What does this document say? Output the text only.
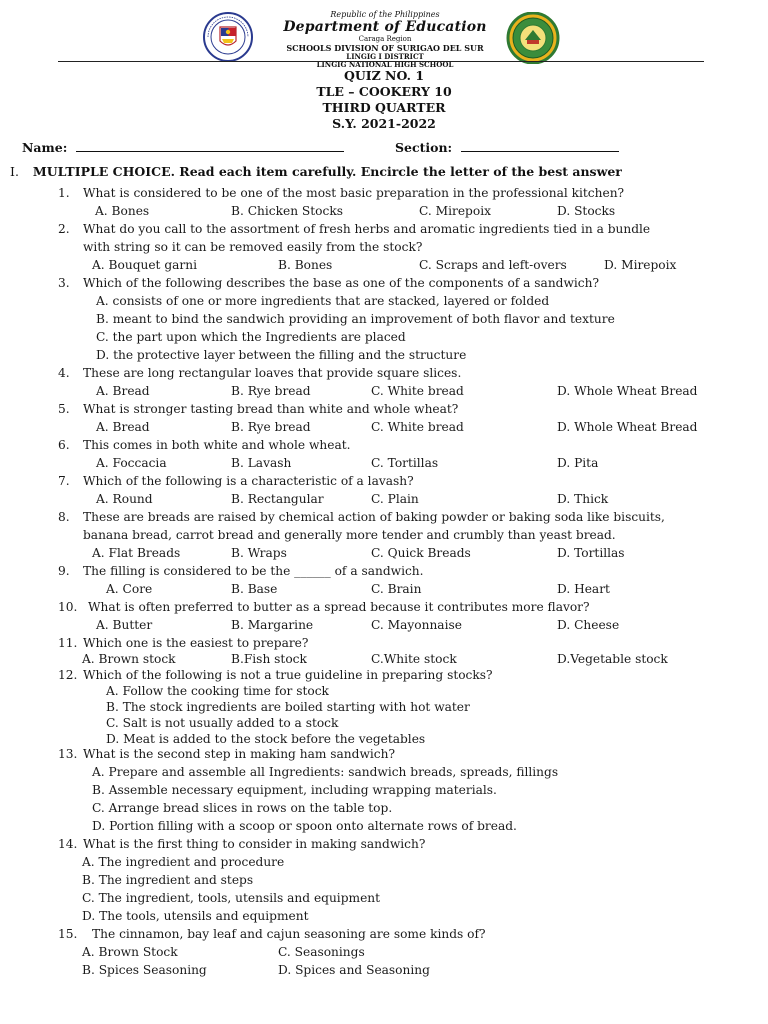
Republic of the Philippines
Department of Education
Caraga Region
SCHOOLS DIVISION OF SURIGAO DEL SUR
LINGIG I DISTRICT
LINGIG NATIONAL HIGH SCHOOL
QUIZ NO. 1
TLE – COOKERY 10
THIRD QUARTER
S.Y. 2021-2022
Name:	Section:
I. MULTIPLE CHOICE. Read each item carefully. Encircle the letter of the best answer
1. What is considered to be one of the most basic preparation in the professional kitchen?
A. Bones	B. Chicken Stocks	C. Mirepoix	D. Stocks
2. What do you call to the assortment of fresh herbs and aromatic ingredients tied in a bundle
with string so it can be removed easily from the stock?
A. Bouquet garni	B. Bones	C. Scraps and left-overs	D. Mirepoix
3. Which of the following describes the base as one of the components of a sandwich?
A. consists of one or more ingredients that are stacked, layered or folded
B. meant to bind the sandwich providing an improvement of both flavor and texture
C. the part upon which the Ingredients are placed
D. the protective layer between the filling and the structure
4. These are long rectangular loaves that provide square slices.
A. Bread	B. Rye bread	C. White bread	D. Whole Wheat Bread
5. What is stronger tasting bread than white and whole wheat?
A. Bread	B. Rye bread	C. White bread	D. Whole Wheat Bread
6. This comes in both white and whole wheat.
A. Foccacia	B. Lavash	C. Tortillas	D. Pita
7. Which of the following is a characteristic of a lavash?
A. Round	B. Rectangular	C. Plain	D. Thick
8. These are breads are raised by chemical action of baking powder or baking soda like biscuits,
banana bread, carrot bread and generally more tender and crumbly than yeast bread.
A. Flat Breads	B. Wraps	C. Quick Breads	D. Tortillas
9. The filling is considered to be the ______ of a sandwich.
A. Core	B. Base	C. Brain	D. Heart
10. What is often preferred to butter as a spread because it contributes more flavor?
A. Butter	B. Margarine	C. Mayonnaise	D. Cheese
11. Which one is the easiest to prepare?
A. Brown stock	B.Fish stock	C.White stock	D.Vegetable stock
12. Which of the following is not a true guideline in preparing stocks?
A. Follow the cooking time for stock
B. The stock ingredients are boiled starting with hot water
C. Salt is not usually added to a stock
D. Meat is added to the stock before the vegetables
13. What is the second step in making ham sandwich?
A. Prepare and assemble all Ingredients: sandwich breads, spreads, fillings
B. Assemble necessary equipment, including wrapping materials.
C. Arrange bread slices in rows on the table top.
D. Portion filling with a scoop or spoon onto alternate rows of bread.
14. What is the first thing to consider in making sandwich?
A. The ingredient and procedure
B. The ingredient and steps
C. The ingredient, tools, utensils and equipment
D. The tools, utensils and equipment
15. The cinnamon, bay leaf and cajun seasoning are some kinds of?
A. Brown Stock	C. Seasonings
B. Spices Seasoning	D. Spices and Seasoning
